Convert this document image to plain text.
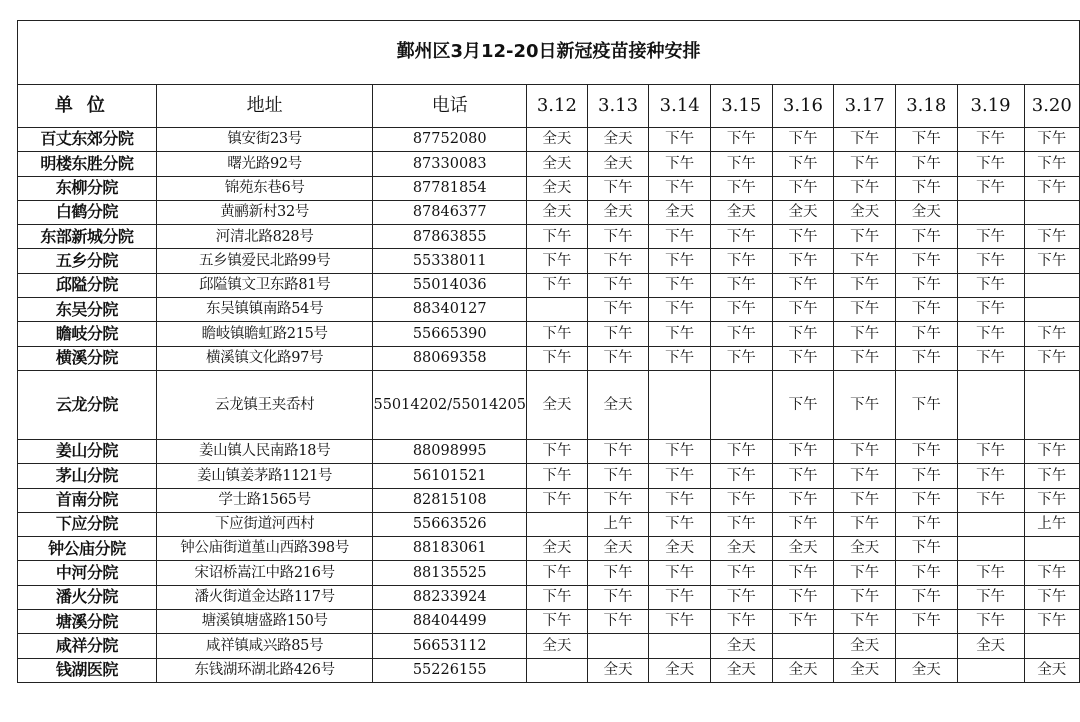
鄞州区3月12-20日新冠疫苗接种安排											
单位	地址	电话	3.12	3.13	3.14	3.15	3.16	3.17	3.18	3.19	3.20
百丈东郊分院	镇安街23号	87752080	全天	全天	下午	下午	下午	下午	下午	下午	下午
明楼东胜分院	曙光路92号	87330083	全天	全天	下午	下午	下午	下午	下午	下午	下午
东柳分院	锦苑东巷6号	87781854	全天	下午	下午	下午	下午	下午	下午	下午	下午
白鹤分院	黄鹂新村32号	87846377	全天	全天	全天	全天	全天	全天	全天		
东部新城分院	河清北路828号	87863855	下午	下午	下午	下午	下午	下午	下午	下午	下午
五乡分院	五乡镇爱民北路99号	55338011	下午	下午	下午	下午	下午	下午	下午	下午	下午
邱隘分院	邱隘镇文卫东路81号	55014036	下午	下午	下午	下午	下午	下午	下午	下午	
东吴分院	东吴镇镇南路54号	88340127		下午	下午	下午	下午	下午	下午	下午	
瞻岐分院	瞻岐镇瞻虹路215号	55665390	下午	下午	下午	下午	下午	下午	下午	下午	下午
横溪分院	横溪镇文化路97号	88069358	下午	下午	下午	下午	下午	下午	下午	下午	下午
云龙分院	云龙镇王夹岙村	55014202/55014205	全天	全天			下午	下午	下午		
姜山分院	姜山镇人民南路18号	88098995	下午	下午	下午	下午	下午	下午	下午	下午	下午
茅山分院	姜山镇姜茅路1121号	56101521	下午	下午	下午	下午	下午	下午	下午	下午	下午
首南分院	学士路1565号	82815108	下午	下午	下午	下午	下午	下午	下午	下午	下午
下应分院	下应街道河西村	55663526		上午	下午	下午	下午	下午	下午		上午
钟公庙分院	钟公庙街道堇山西路398号	88183061	全天	全天	全天	全天	全天	全天	下午		
中河分院	宋诏桥嵩江中路216号	88135525	下午	下午	下午	下午	下午	下午	下午	下午	下午
潘火分院	潘火街道金达路117号	88233924	下午	下午	下午	下午	下午	下午	下午	下午	下午
塘溪分院	塘溪镇塘盛路150号	88404499	下午	下午	下午	下午	下午	下午	下午	下午	下午
咸祥分院	咸祥镇咸兴路85号	56653112	全天			全天		全天		全天	
钱湖医院	东钱湖环湖北路426号	55226155		全天	全天	全天	全天	全天	全天		全天
